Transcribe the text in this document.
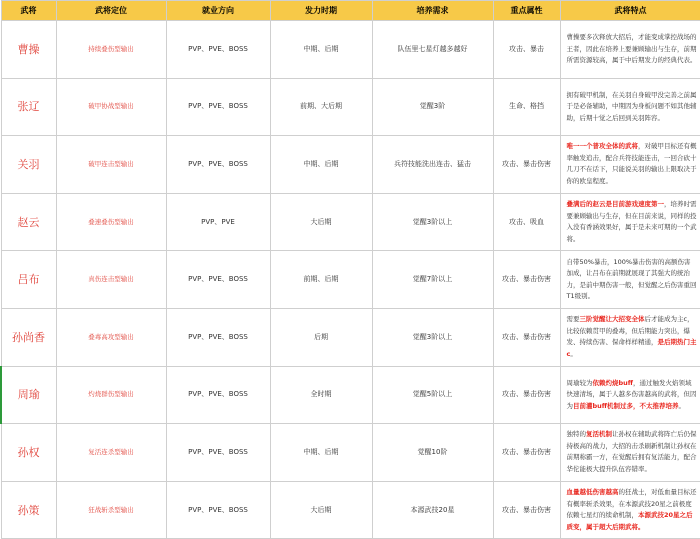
武将	武将定位	就业方向	发力时期	培养需求	重点属性	武将特点
曹操	持续叠伤型输出	PVP、PVE、BOSS	中期、后期	队伍里七星灯越多越好	攻击、暴击	曹操要多次释放大招后，才能变成掌控战场的王者，因此在培养上要兼顾输出与生存，前期所需资源较高，属于中后期发力的经典代表。
张辽	破甲协战型输出	PVP、PVE、BOSS	前期、大后期	觉醒3阶	生命、格挡	拥有破甲机制，在关羽自身破甲没完善之前属于是必备辅助，中期因为身板问题不如其他辅助，后期十觉之后回到关羽阵容。
关羽	破甲连击型输出	PVP、PVE、BOSS	中期、后期	兵符技能洗出连击、猛击	攻击、暴击伤害	唯一一个普攻全体的武将，对破甲目标还有概率触发追击，配合兵符技能连击，一回合砍十几刀不在话下，只能说关羽的输出上限取决于你的欧皇程度。
赵云	叠速叠伤型输出	PVP、PVE	大后期	觉醒3阶以上	攻击、吸血	叠满后的赵云是目前游戏速度第一，培养时需要兼顾输出与生存，但在目前来说，同样的投入没有香涵效果好，属于是未来可期的一个武将。
吕布	真伤连击型输出	PVP、PVE、BOSS	前期、后期	觉醒7阶以上	攻击、暴击伤害	自带50%暴击，100%暴击伤害的高额伤害加成，让吕布在前期就展现了其强大的统治力，是前中期伤害一般，但觉醒之后伤害重回T1级别。
孙尚香	叠毒高攻型输出	PVP、PVE、BOSS	后期	觉醒3阶以上	攻击、暴击伤害	需要三阶觉醒让大招变全体后才能成为主c，比较依赖贯甲的叠毒，但后期能力突出，爆发、持续伤害、保命样样精通，是后期热门主c。
周瑜	灼烧群伤型输出	PVP、PVE、BOSS	全时期	觉醒5阶以上	攻击、暴击伤害	周瑜较为依赖灼烧buff，通过触发火焰领域快速清场，属于人越多伤害越高的武将，但因为目前灌buff机制过多，不太推荐培养。
孙权	复活连杀型输出	PVP、PVE、BOSS	中期、后期	觉醒10阶	攻击、暴击伤害	独特的复活机制让孙权在辅助武将阵亡后仍保持极高的战力，大招的击杀刷新机制让孙权在前期称霸一方，在觉醒后拥有复活能力，配合华佗能极大提升队伍容错率。
孙策	狂战斩杀型输出	PVP、PVE、BOSS	大后期	本源武技20星	攻击、暴击伤害	血量越低伤害越高的狂战士，对低血量目标还有概率斩杀效果，在本源武技20星之前极度依赖七星灯的续命机制，本源武技20星之后质变，属于超大后期武将。
